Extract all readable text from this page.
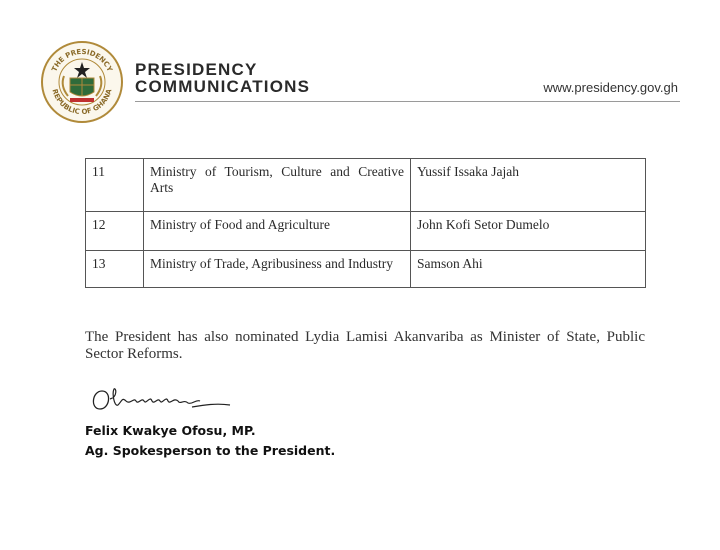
THE PRESIDENCY
REPUBLIC OF GHANA
PRESIDENCY
COMMUNICATIONS	www.presidency.gov.gh
11	Ministry of Tourism, Culture and Creative Arts	Yussif Issaka Jajah
12	Ministry of Food and Agriculture	John Kofi Setor Dumelo
13	Ministry of Trade, Agribusiness and Industry	Samson Ahi
The President has also nominated Lydia Lamisi Akanvariba as Minister of State, Public Sector Reforms.
Felix Kwakye Ofosu, MP.
Ag. Spokesperson to the President.
